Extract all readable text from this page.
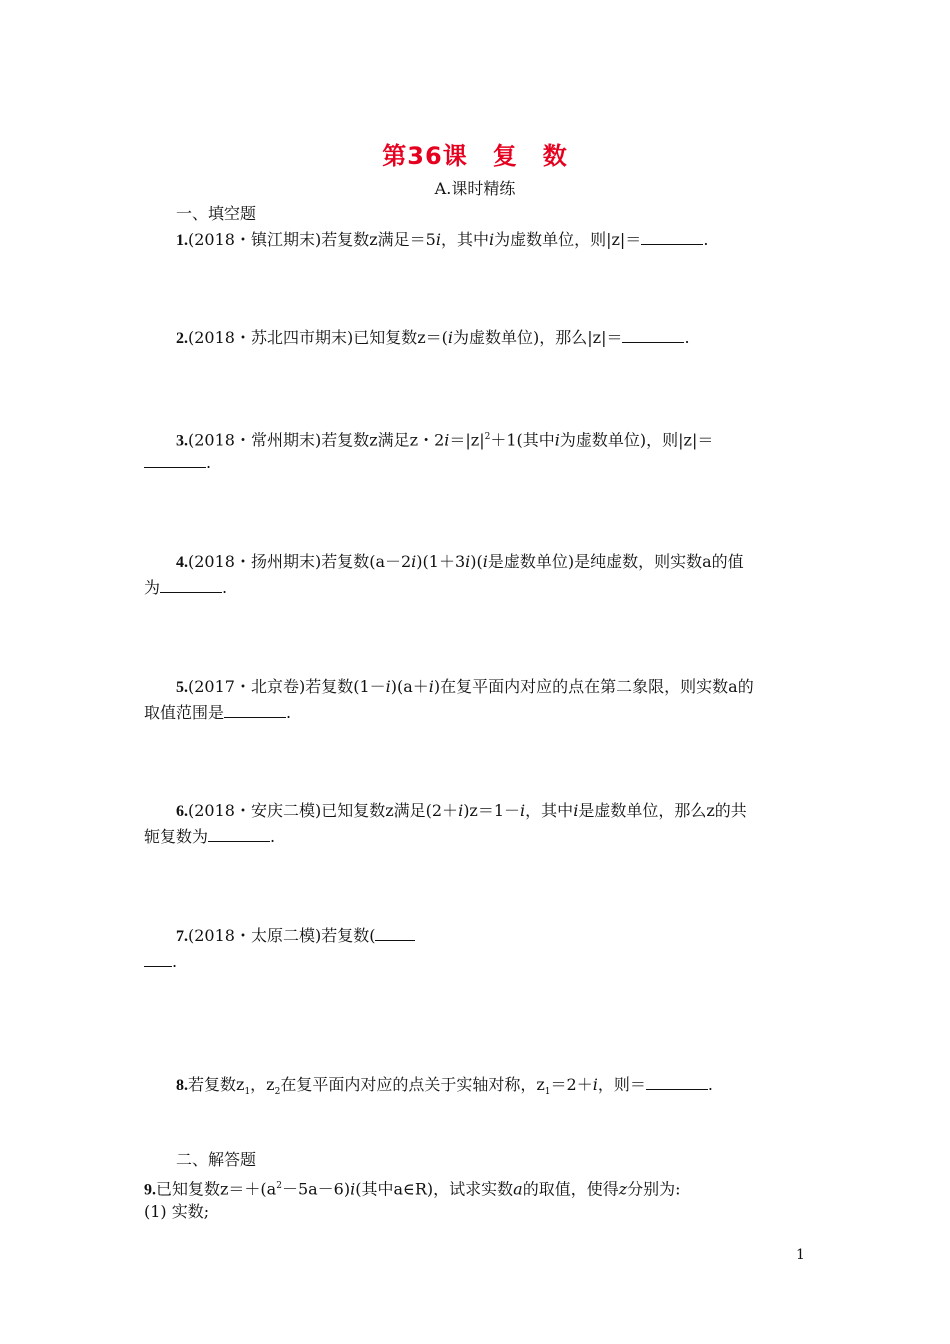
第36课　复　数
A.课时精练
一、填空题
1.(2018・镇江期末)若复数z满足＝5i，其中i为虚数单位，则|z|＝	.
2.(2018・苏北四市期末)已知复数z＝(i为虚数单位)，那么|z|＝	.
3.(2018・常州期末)若复数z满足z・$2i=|z|^2+1$(其中i为虚数单位)，则|z|＝
.
4.(2018・扬州期末)若复数(a－2i)(1＋3i)(i是虚数单位)是纯虚数，则实数a的值
为	.
5.(2017・北京卷)若复数(1－i)(a＋i)在复平面内对应的点在第二象限，则实数a的
取值范围是	.
6.(2018・安庆二模)已知复数z满足(2＋i)z＝1－i，其中i是虚数单位，那么z的共
轭复数为	.
7.(2018・太原二模)若复数(
.
8.若复数$z_1$，$z_2$在复平面内对应的点关于实轴对称，$z_1=2+i$，则＝	.
二、解答题
9.已知复数$z=+(a^2-5a-6)i$(其中a∈R)，试求实数a的取值，使得z分别为:
(1) 实数;
1
